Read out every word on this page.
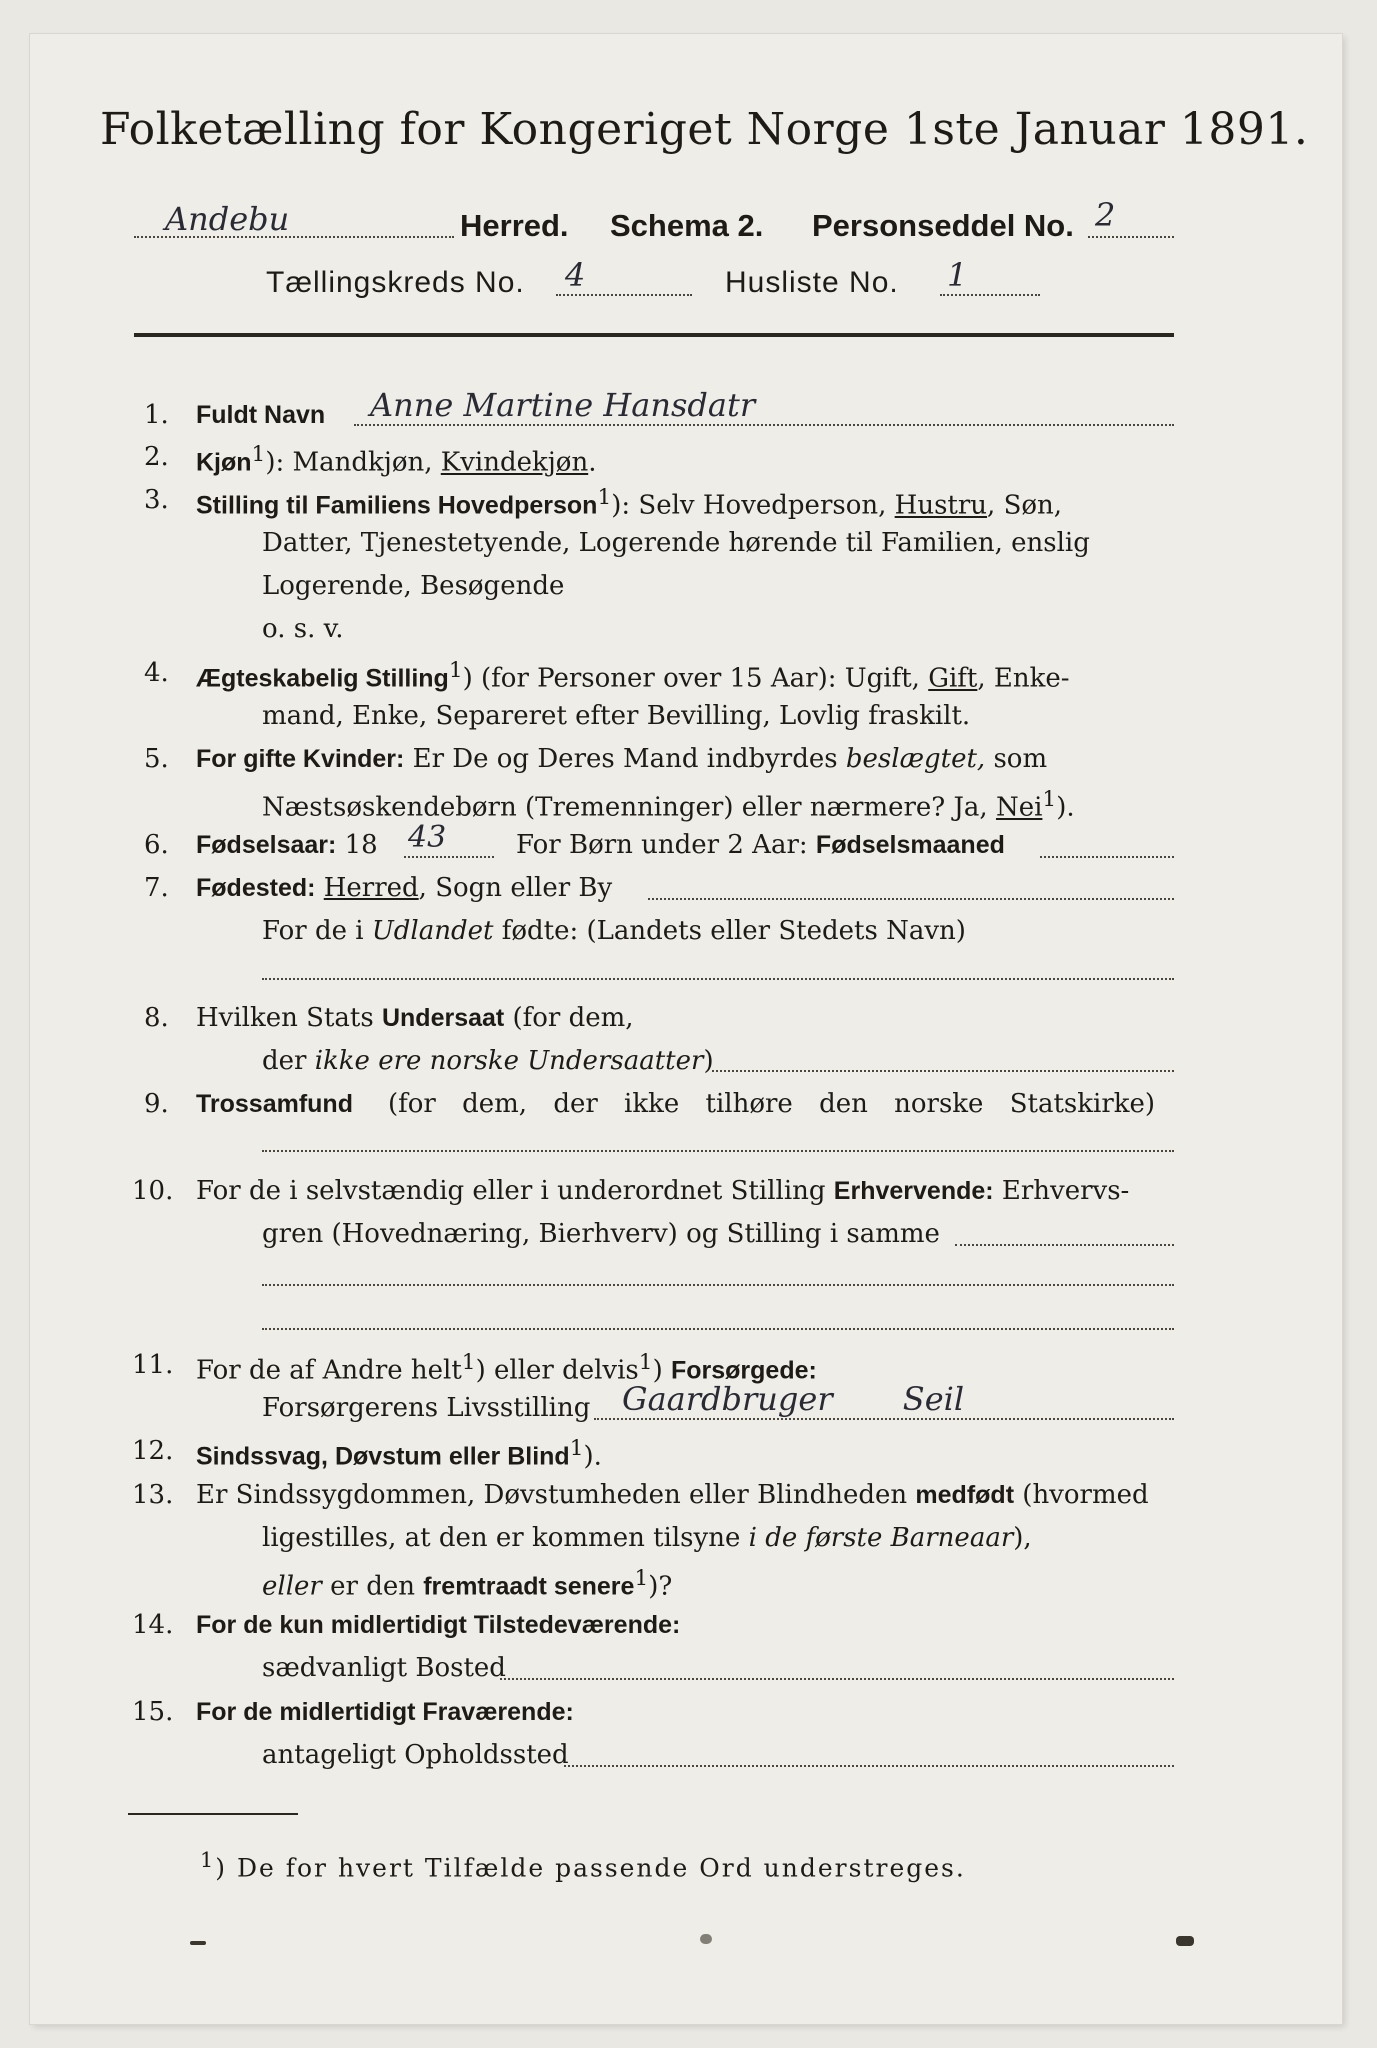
Folketælling for Kongeriget Norge 1ste Januar 1891.
Andebu	Herred. Schema 2. Personseddel No. 2
Tællingskreds No. 4	Husliste No. 1
1. Fuldt Navn Anne Martine Hansdatr
2. Kjøn$^1$): Mandkjøn, Kvindekjøn.
3. Stilling til Familiens Hovedperson$^1$): Selv Hovedperson, Hustru, Søn,
Datter, Tjenestetyende, Logerende hørende til Familien, enslig
Logerende, Besøgende
o. s. v.
4. Ægteskabelig Stilling$^1$) (for Personer over 15 Aar): Ugift, Gift, Enke-
mand, Enke, Separeret efter Bevilling, Lovlig fraskilt.
5. For gifte Kvinder: Er De og Deres Mand indbyrdes beslægtet, som
Næstsøskendebørn (Tremenninger) eller nærmere? Ja, Nei$^1$).
6. Fødselsaar: 18 43	For Børn under 2 Aar: Fødselsmaaned
7. Fødested: Herred, Sogn eller By
For de i Udlandet fødte: (Landets eller Stedets Navn)
8. Hvilken Stats Undersaat (for dem,
der ikke ere norske Undersaatter)
9. Trossamfund (for dem, der ikke tilhøre den norske Statskirke)
10. For de i selvstændig eller i underordnet Stilling Erhvervende: Erhvervs-
gren (Hovednæring, Bierhverv) og Stilling i samme
11. For de af Andre helt$^1$) eller delvis$^1$) Forsørgede:
Forsørgerens Livsstilling Gaardbruger Seil
12. Sindssvag, Døvstum eller Blind$^1$).
13. Er Sindssygdommen, Døvstumheden eller Blindheden medfødt (hvormed
ligestilles, at den er kommen tilsyne i de første Barneaar),
eller er den fremtraadt senere$^1$)?
14. For de kun midlertidigt Tilstedeværende:
sædvanligt Bosted
15. For de midlertidigt Fraværende:
antageligt Opholdssted
$^1$) De for hvert Tilfælde passende Ord understreges.
